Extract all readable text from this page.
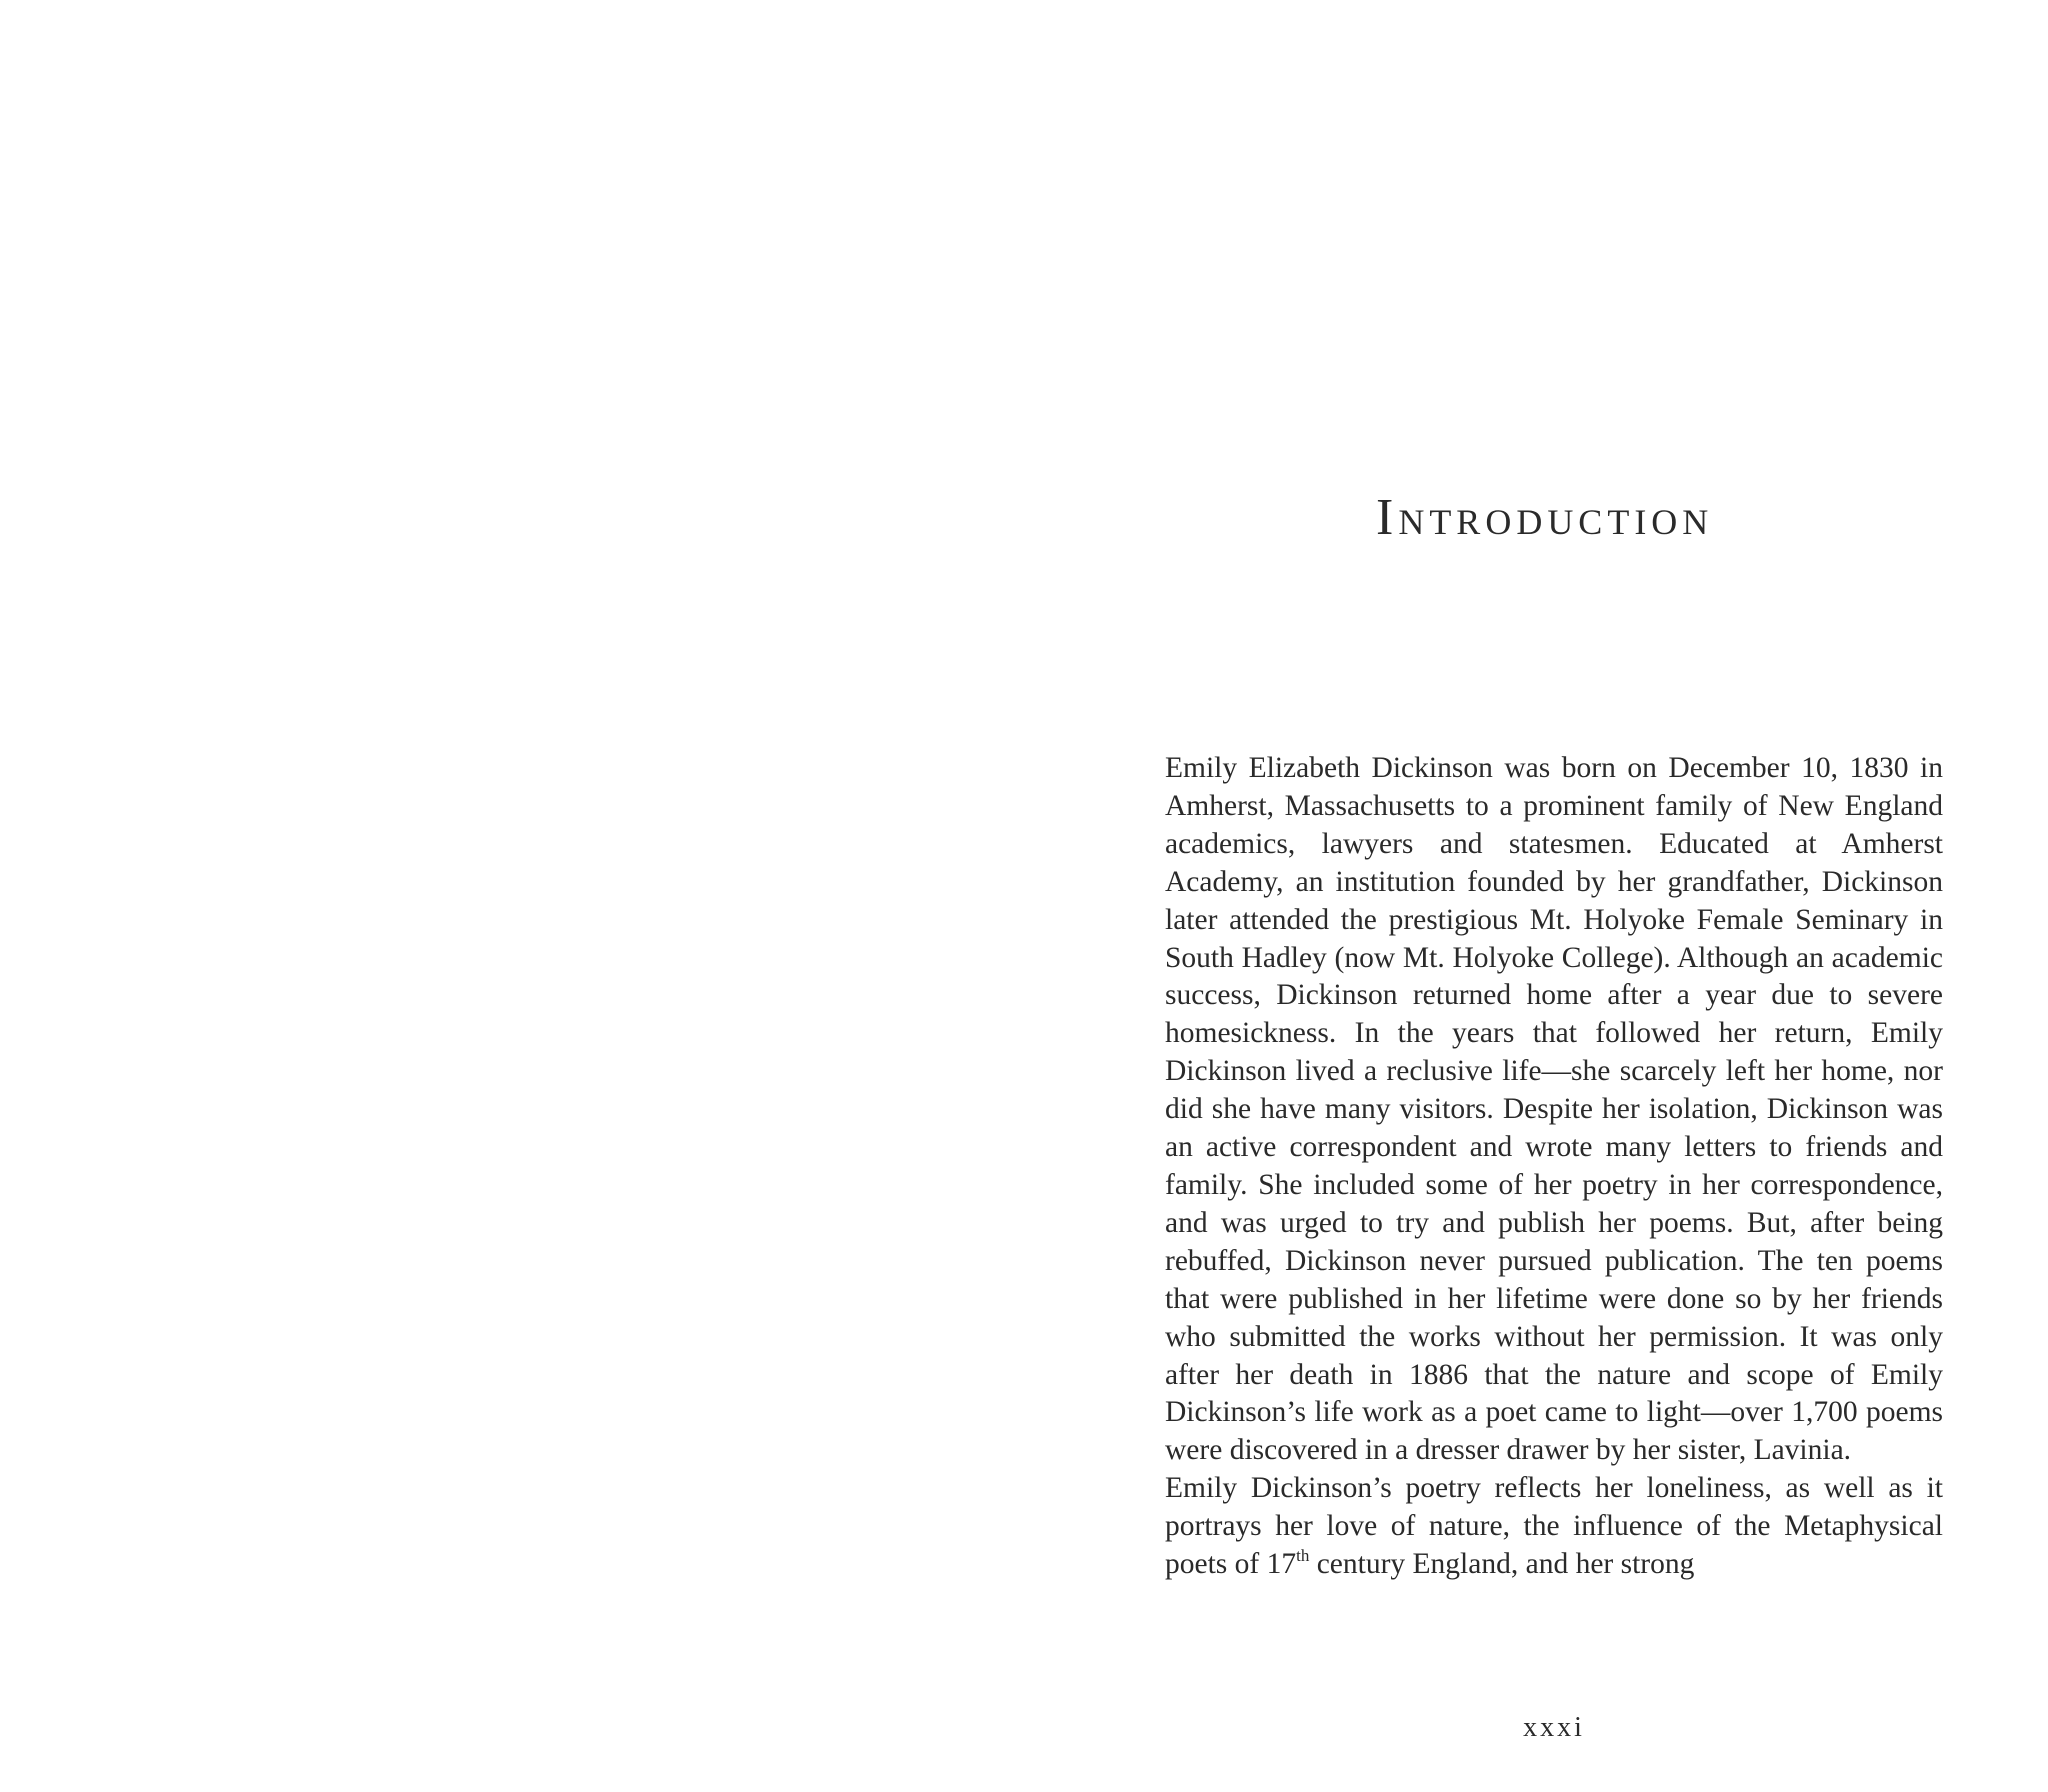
Introduction

Emily Elizabeth Dickinson was born on December 10, 1830 in Amherst, Massachusetts to a prominent family of New England academics, lawyers and statesmen. Educated at Amherst Academy, an institution founded by her grandfather, Dickinson later attended the prestigious Mt. Holyoke Female Seminary in South Hadley (now Mt. Holyoke College). Although an academic success, Dickinson returned home after a year due to severe homesickness. In the years that followed her return, Emily Dickinson lived a reclusive life—she scarcely left her home, nor did she have many visitors. Despite her isolation, Dickinson was an active correspondent and wrote many letters to friends and family. She included some of her poetry in her correspondence, and was urged to try and publish her poems. But, after being rebuffed, Dickinson never pursued publication. The ten poems that were published in her lifetime were done so by her friends who submitted the works without her permission. It was only after her death in 1886 that the nature and scope of Emily Dickinson’s life work as a poet came to light—over 1,700 poems were discovered in a dresser drawer by her sister, Lavinia.

Emily Dickinson’s poetry reflects her loneliness, as well as it portrays her love of nature, the influence of the Metaphysical poets of 17th century England, and her strong

xxxi
